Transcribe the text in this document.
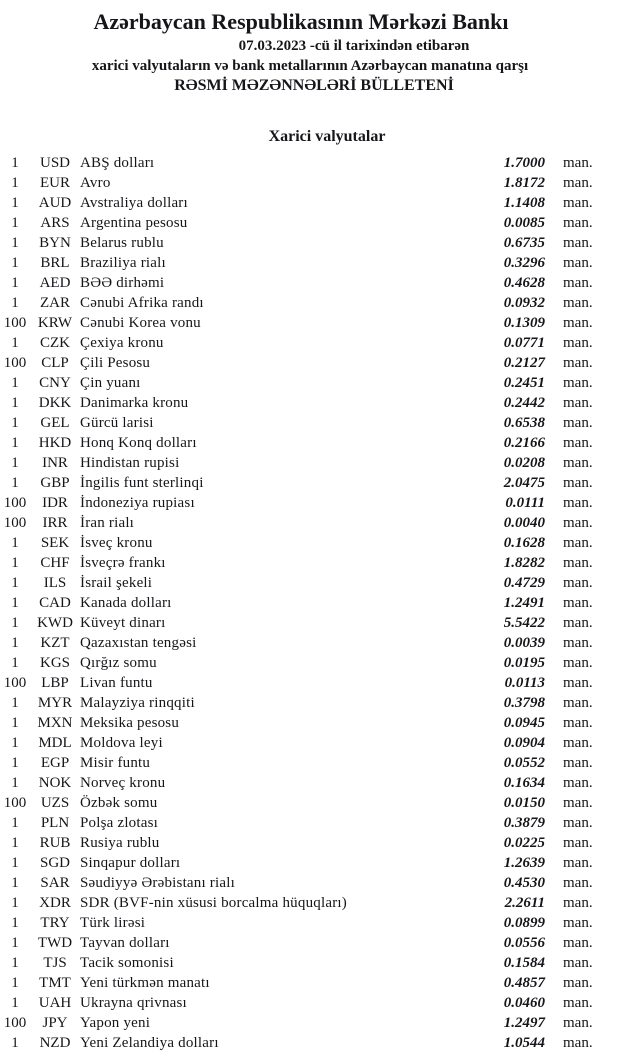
Azərbaycan Respublikasının Mərkəzi Bankı
07.03.2023 -cü il tarixindən etibarən
xarici valyutaların və bank metallarının Azərbaycan manatına qarşı
RƏSMİ MƏZƏNNƏLƏRİ BÜLLETENİ
Xarici valyutalar
1	USD ABŞ dolları	1.7000	man.
1	EUR Avro	1.8172	man.
1	AUD Avstraliya dolları	1.1408	man.
1	ARS Argentina pesosu	0.0085	man.
1	BYN Belarus rublu	0.6735	man.
1	BRL Braziliya rialı	0.3296	man.
1	AED BƏƏ dirhəmi	0.4628	man.
1	ZAR Cənubi Afrika randı	0.0932	man.
100 KRW Cənubi Korea vonu	0.1309	man.
1	CZK Çexiya kronu	0.0771	man.
100 CLP Çili Pesosu	0.2127	man.
1	CNY Çin yuanı	0.2451	man.
1	DKK Danimarka kronu	0.2442	man.
1	GEL Gürcü larisi	0.6538	man.
1	HKD Honq Konq dolları	0.2166	man.
1	INR Hindistan rupisi	0.0208	man.
1	GBP İngilis funt sterlinqi	2.0475	man.
100	IDR İndoneziya rupiası	0.0111	man.
100	IRR İran rialı	0.0040	man.
1	SEK İsveç kronu	0.1628	man.
1	CHF İsveçrə frankı	1.8282	man.
1	ILS İsrail şekeli	0.4729	man.
1	CAD Kanada dolları	1.2491	man.
1	KWD Küveyt dinarı	5.5422	man.
1	KZT Qazaxıstan tengəsi	0.0039	man.
1	KGS Qırğız somu	0.0195	man.
100 LBP Livan funtu	0.0113	man.
1	MYR Malayziya rinqqiti	0.3798	man.
1	MXN Meksika pesosu	0.0945	man.
1	MDL Moldova leyi	0.0904	man.
1	EGP Misir funtu	0.0552	man.
1	NOK Norveç kronu	0.1634	man.
100 UZS Özbək somu	0.0150	man.
1	PLN Polşa zlotası	0.3879	man.
1	RUB Rusiya rublu	0.0225	man.
1	SGD Sinqapur dolları	1.2639	man.
1	SAR Səudiyyə Ərəbistanı rialı	0.4530	man.
1	XDR SDR (BVF-nin xüsusi borcalma hüquqları)	2.2611	man.
1	TRY Türk lirəsi	0.0899	man.
1	TWD Tayvan dolları	0.0556	man.
1	TJS Tacik somonisi	0.1584	man.
1	TMT Yeni türkmən manatı	0.4857	man.
1	UAH Ukrayna qrivnası	0.0460	man.
100	JPY Yapon yeni	1.2497	man.
1	NZD Yeni Zelandiya dolları	1.0544	man.
